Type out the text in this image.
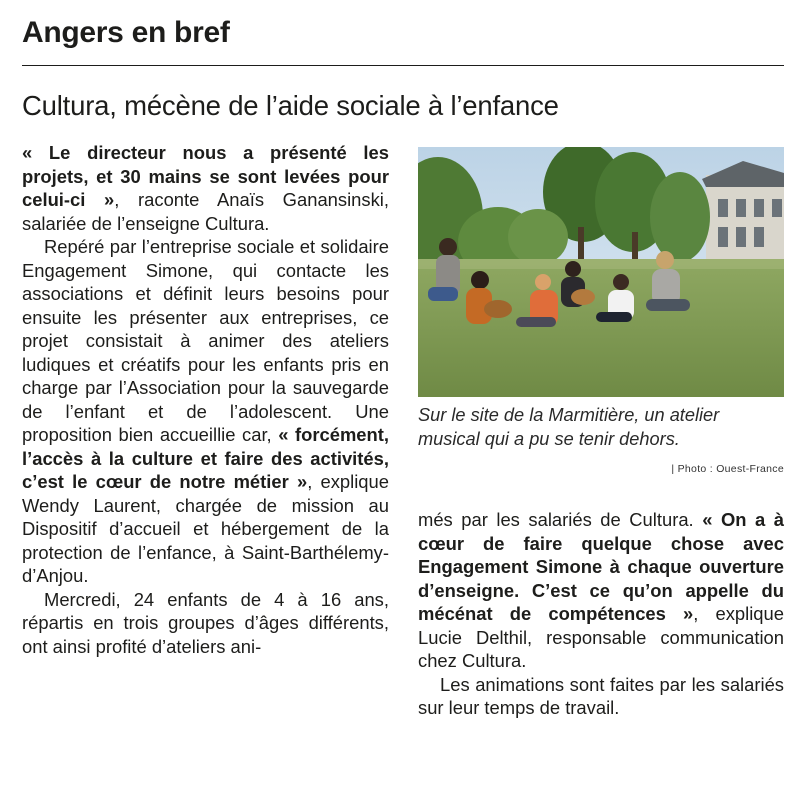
Angers en bref
Cultura, mécène de l’aide sociale à l’enfance

« Le directeur nous a présenté les projets, et 30 mains se sont levées pour celui-ci », raconte Anaïs Ganansinski, salariée de l’enseigne Cultura.

Repéré par l’entreprise sociale et solidaire Engagement Simone, qui contacte les associations et définit leurs besoins pour ensuite les présenter aux entreprises, ce projet consistait à animer des ateliers ludiques et créatifs pour les enfants pris en charge par l’Association pour la sauvegarde de l’enfant et de l’adolescent. Une proposition bien accueillie car, « forcément, l’accès à la culture et faire des activités, c’est le cœur de notre métier », explique Wendy Laurent, chargée de mission au Dispositif d’accueil et hébergement de la protection de l’enfance, à Saint-Barthélemy-d’Anjou.

Mercredi, 24 enfants de 4 à 16 ans, répartis en trois groupes d’âges différents, ont ainsi profité d’ateliers ani-

Sur le site de la Marmitière, un atelier musical qui a pu se tenir dehors.

| Photo : Ouest-France

més par les salariés de Cultura. « On a à cœur de faire quelque chose avec Engagement Simone à chaque ouverture d’enseigne. C’est ce qu’on appelle du mécénat de compétences », explique Lucie Delthil, responsable communication chez Cultura.

Les animations sont faites par les salariés sur leur temps de travail.
